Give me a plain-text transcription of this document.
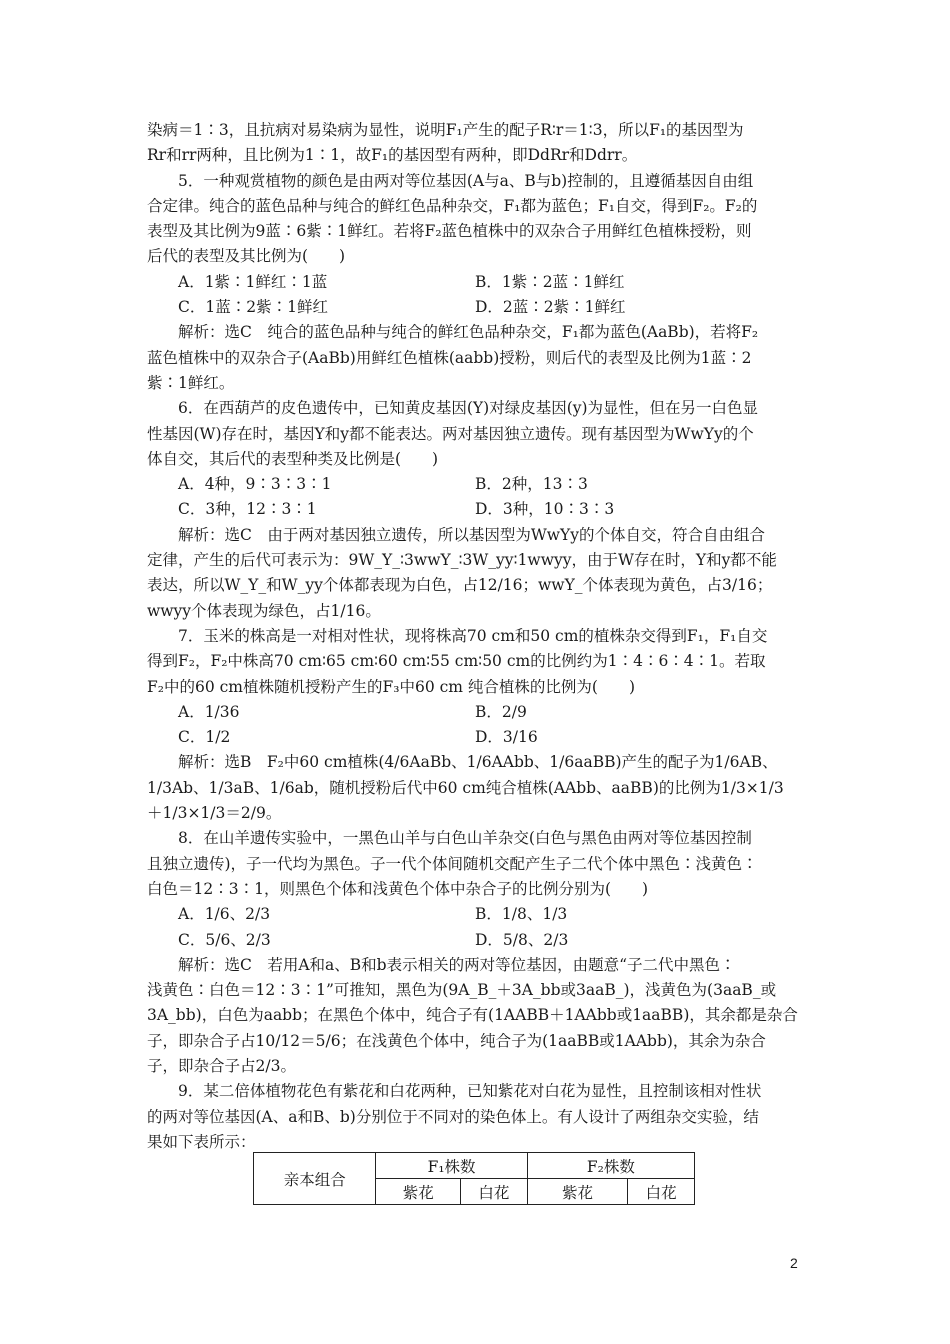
染病＝1∶3，且抗病对易染病为显性，说明F₁产生的配子R∶r＝1∶3，所以F₁的基因型为
Rr和rr两种，且比例为1∶1，故F₁的基因型有两种，即DdRr和Ddrr。
5．一种观赏植物的颜色是由两对等位基因(A与a、B与b)控制的，且遵循基因自由组
合定律。纯合的蓝色品种与纯合的鲜红色品种杂交，F₁都为蓝色；F₁自交，得到F₂。F₂的
表型及其比例为9蓝∶6紫∶1鲜红。若将F₂蓝色植株中的双杂合子用鲜红色植株授粉，则
后代的表型及其比例为(　　)
A．1紫∶1鲜红∶1蓝	B．1紫∶2蓝∶1鲜红
C．1蓝∶2紫∶1鲜红	D．2蓝∶2紫∶1鲜红
解析：选C　纯合的蓝色品种与纯合的鲜红色品种杂交，F₁都为蓝色(AaBb)，若将F₂
蓝色植株中的双杂合子(AaBb)用鲜红色植株(aabb)授粉，则后代的表型及比例为1蓝∶2
紫∶1鲜红。
6．在西葫芦的皮色遗传中，已知黄皮基因(Y)对绿皮基因(y)为显性，但在另一白色显
性基因(W)存在时，基因Y和y都不能表达。两对基因独立遗传。现有基因型为WwYy的个
体自交，其后代的表型种类及比例是(　　)
A．4种，9∶3∶3∶1	B．2种，13∶3
C．3种，12∶3∶1	D．3种，10∶3∶3
解析：选C　由于两对基因独立遗传，所以基因型为WwYy的个体自交，符合自由组合
定律，产生的后代可表示为：9W_Y_∶3wwY_∶3W_yy∶1wwyy，由于W存在时，Y和y都不能
表达，所以W_Y_和W_yy个体都表现为白色，占12/16；wwY_个体表现为黄色，占3/16；
wwyy个体表现为绿色，占1/16。
7．玉米的株高是一对相对性状，现将株高70 cm和50 cm的植株杂交得到F₁，F₁自交
得到F₂，F₂中株高70 cm∶65 cm∶60 cm∶55 cm∶50 cm的比例约为1∶4∶6∶4∶1。若取
F₂中的60 cm植株随机授粉产生的F₃中60 cm 纯合植株的比例为(　　)
A．1/36	B．2/9
C．1/2	D．3/16
解析：选B　F₂中60 cm植株(4/6AaBb、1/6AAbb、1/6aaBB)产生的配子为1/6AB、
1/3Ab、1/3aB、1/6ab，随机授粉后代中60 cm纯合植株(AAbb、aaBB)的比例为1/3×1/3
＋1/3×1/3＝2/9。
8．在山羊遗传实验中，一黑色山羊与白色山羊杂交(白色与黑色由两对等位基因控制
且独立遗传)，子一代均为黑色。子一代个体间随机交配产生子二代个体中黑色∶浅黄色∶
白色＝12∶3∶1，则黑色个体和浅黄色个体中杂合子的比例分别为(　　)
A．1/6、2/3	B．1/8、1/3
C．5/6、2/3	D．5/8、2/3
解析：选C　若用A和a、B和b表示相关的两对等位基因，由题意“子二代中黑色∶
浅黄色∶白色＝12∶3∶1”可推知，黑色为(9A_B_＋3A_bb或3aaB_)，浅黄色为(3aaB_或
3A_bb)，白色为aabb；在黑色个体中，纯合子有(1AABB＋1AAbb或1aaBB)，其余都是杂合
子，即杂合子占10/12＝5/6；在浅黄色个体中，纯合子为(1aaBB或1AAbb)，其余为杂合
子，即杂合子占2/3。
9．某二倍体植物花色有紫花和白花两种，已知紫花对白花为显性，且控制该相对性状
的两对等位基因(A、a和B、b)分别位于不同对的染色体上。有人设计了两组杂交实验，结
果如下表所示：
亲本组合	F₁株数		F₂株数	
	紫花	白花	紫花	白花
2
